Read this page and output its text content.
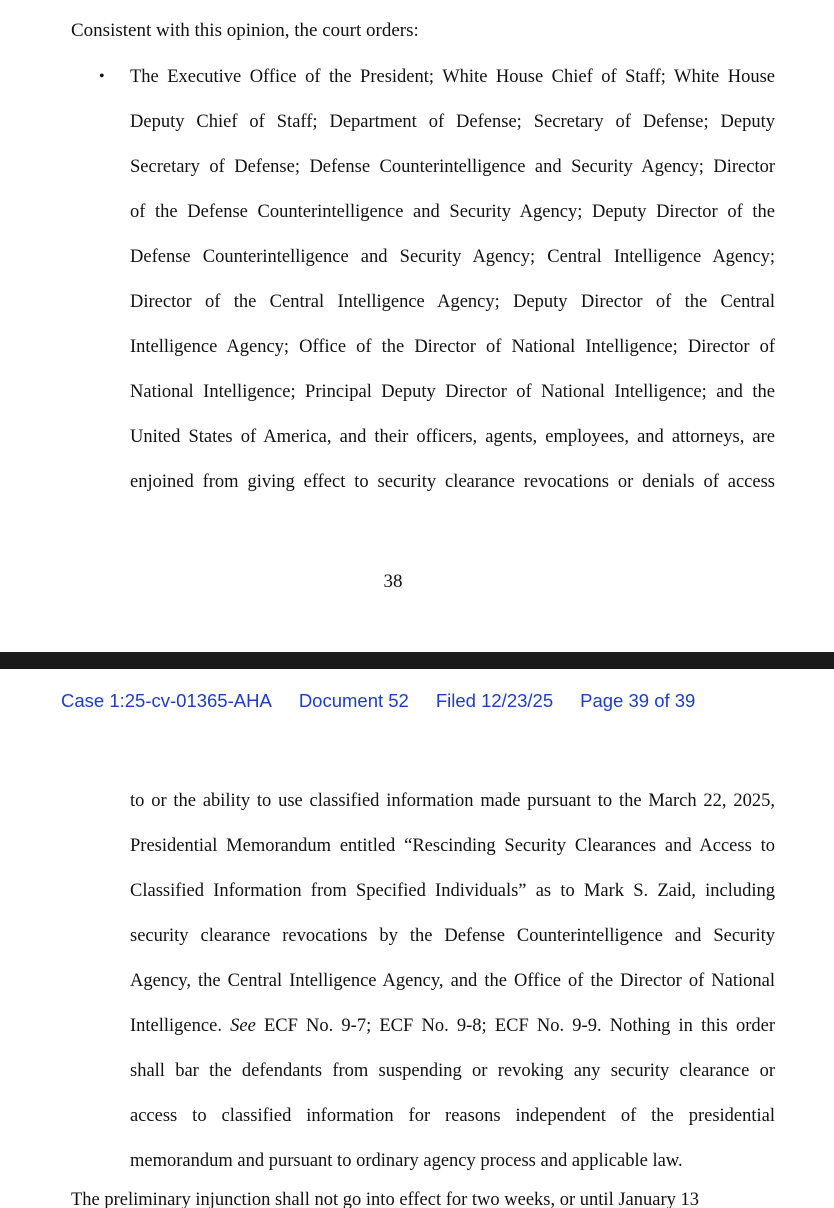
Consistent with this opinion, the court orders:
• The Executive Office of the President; White House Chief of Staff; White House
Deputy Chief of Staff; Department of Defense; Secretary of Defense; Deputy
Secretary of Defense; Defense Counterintelligence and Security Agency; Director
of the Defense Counterintelligence and Security Agency; Deputy Director of the
Defense Counterintelligence and Security Agency; Central Intelligence Agency;
Director of the Central Intelligence Agency; Deputy Director of the Central
Intelligence Agency; Office of the Director of National Intelligence; Director of
National Intelligence; Principal Deputy Director of National Intelligence; and the
United States of America, and their officers, agents, employees, and attorneys, are
enjoined from giving effect to security clearance revocations or denials of access
38
Case 1:25-cv-01365-AHA Document 52 Filed 12/23/25 Page 39 of 39
to or the ability to use classified information made pursuant to the March 22, 2025,
Presidential Memorandum entitled “Rescinding Security Clearances and Access to
Classified Information from Specified Individuals” as to Mark S. Zaid, including
security clearance revocations by the Defense Counterintelligence and Security
Agency, the Central Intelligence Agency, and the Office of the Director of National
Intelligence. See ECF No. 9-7; ECF No. 9-8; ECF No. 9-9. Nothing in this order
shall bar the defendants from suspending or revoking any security clearance or
access to classified information for reasons independent of the presidential
memorandum and pursuant to ordinary agency process and applicable law.
The preliminary injunction shall not go into effect for two weeks, or until January 13
